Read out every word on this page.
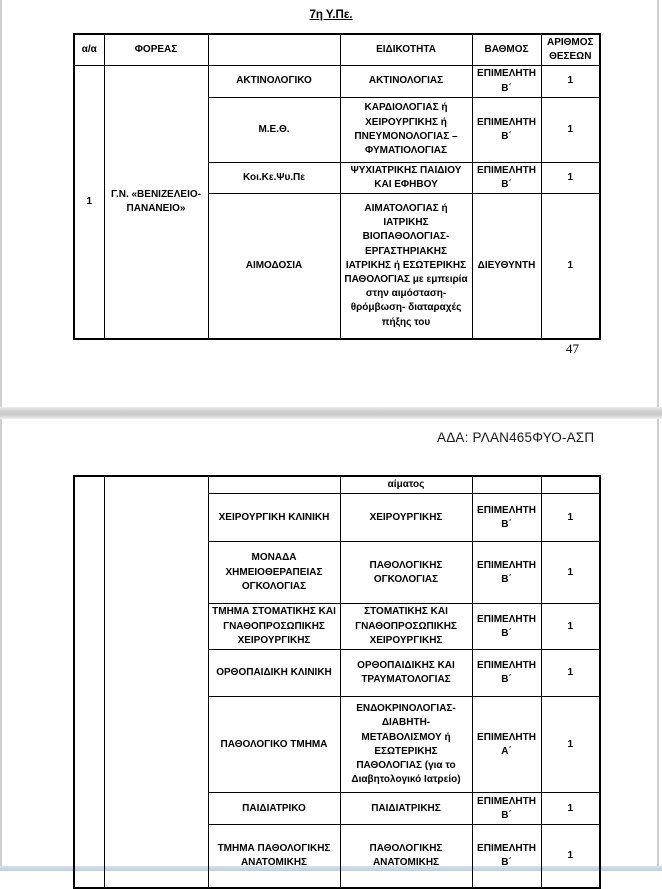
7η Υ.Πε.
α/α	ΦΟΡΕΑΣ		ΕΙΔΙΚΟΤΗΤΑ	ΒΑΘΜΟΣ	ΑΡΙΘΜΟΣ ΘΕΣΕΩΝ
1	Γ.Ν. «ΒΕΝΙΖΕΛΕΙΟ-ΠΑΝΑΝΕΙΟ»	ΑΚΤΙΝΟΛΟΓΙΚΟ	ΑΚΤΙΝΟΛΟΓΙΑΣ	ΕΠΙΜΕΛΗΤΗ Β΄	1
		Μ.Ε.Θ.	ΚΑΡΔΙΟΛΟΓΙΑΣ ή ΧΕΙΡΟΥΡΓΙΚΗΣ ή ΠΝΕΥΜΟΝΟΛΟΓΙΑΣ – ΦΥΜΑΤΙΟΛΟΓΙΑΣ	ΕΠΙΜΕΛΗΤΗ Β΄	1
		Κοι.Κε.Ψυ.Πε	ΨΥΧΙΑΤΡΙΚΗΣ ΠΑΙΔΙΟΥ ΚΑΙ ΕΦΗΒΟΥ	ΕΠΙΜΕΛΗΤΗ Β΄	1
		ΑΙΜΟΔΟΣΙΑ	ΑΙΜΑΤΟΛΟΓΙΑΣ ή ΙΑΤΡΙΚΗΣ ΒΙΟΠΑΘΟΛΟΓΙΑΣ- ΕΡΓΑΣΤΗΡΙΑΚΗΣ ΙΑΤΡΙΚΗΣ ή ΕΣΩΤΕΡΙΚΗΣ ΠΑΘΟΛΟΓΙΑΣ με εμπειρία στην αιμόσταση- θρόμβωση- διαταραχές πήξης του	ΔΙΕΥΘΥΝΤΗ	1
47
ΑΔΑ: ΡΛΑΝ465ΦΥΟ-ΑΣΠ
			αίματος		
		ΧΕΙΡΟΥΡΓΙΚΗ ΚΛΙΝΙΚΗ	ΧΕΙΡΟΥΡΓΙΚΗΣ	ΕΠΙΜΕΛΗΤΗ Β΄	1
		ΜΟΝΑΔΑ ΧΗΜΕΙΟΘΕΡΑΠΕΙΑΣ ΟΓΚΟΛΟΓΙΑΣ	ΠΑΘΟΛΟΓΙΚΗΣ ΟΓΚΟΛΟΓΙΑΣ	ΕΠΙΜΕΛΗΤΗ Β΄	1
		ΤΜΗΜΑ ΣΤΟΜΑΤΙΚΗΣ ΚΑΙ ΓΝΑΘΟΠΡΟΣΩΠΙΚΗΣ ΧΕΙΡΟΥΡΓΙΚΗΣ	ΣΤΟΜΑΤΙΚΗΣ ΚΑΙ ΓΝΑΘΟΠΡΟΣΩΠΙΚΗΣ ΧΕΙΡΟΥΡΓΙΚΗΣ	ΕΠΙΜΕΛΗΤΗ Β΄	1
		ΟΡΘΟΠΑΙΔΙΚΗ ΚΛΙΝΙΚΗ	ΟΡΘΟΠΑΙΔΙΚΗΣ ΚΑΙ ΤΡΑΥΜΑΤΟΛΟΓΙΑΣ	ΕΠΙΜΕΛΗΤΗ Β΄	1
		ΠΑΘΟΛΟΓΙΚΟ ΤΜΗΜΑ	ΕΝΔΟΚΡΙΝΟΛΟΓΙΑΣ- ΔΙΑΒΗΤΗ- ΜΕΤΑΒΟΛΙΣΜΟΥ ή ΕΣΩΤΕΡΙΚΗΣ ΠΑΘΟΛΟΓΙΑΣ (για το Διαβητολογικό Ιατρείο)	ΕΠΙΜΕΛΗΤΗ Α΄	1
		ΠΑΙΔΙΑΤΡΙΚΟ	ΠΑΙΔΙΑΤΡΙΚΗΣ	ΕΠΙΜΕΛΗΤΗ Β΄	1
		ΤΜΗΜΑ ΠΑΘΟΛΟΓΙΚΗΣ ΑΝΑΤΟΜΙΚΗΣ	ΠΑΘΟΛΟΓΙΚΗΣ ΑΝΑΤΟΜΙΚΗΣ	ΕΠΙΜΕΛΗΤΗ Β΄	1
